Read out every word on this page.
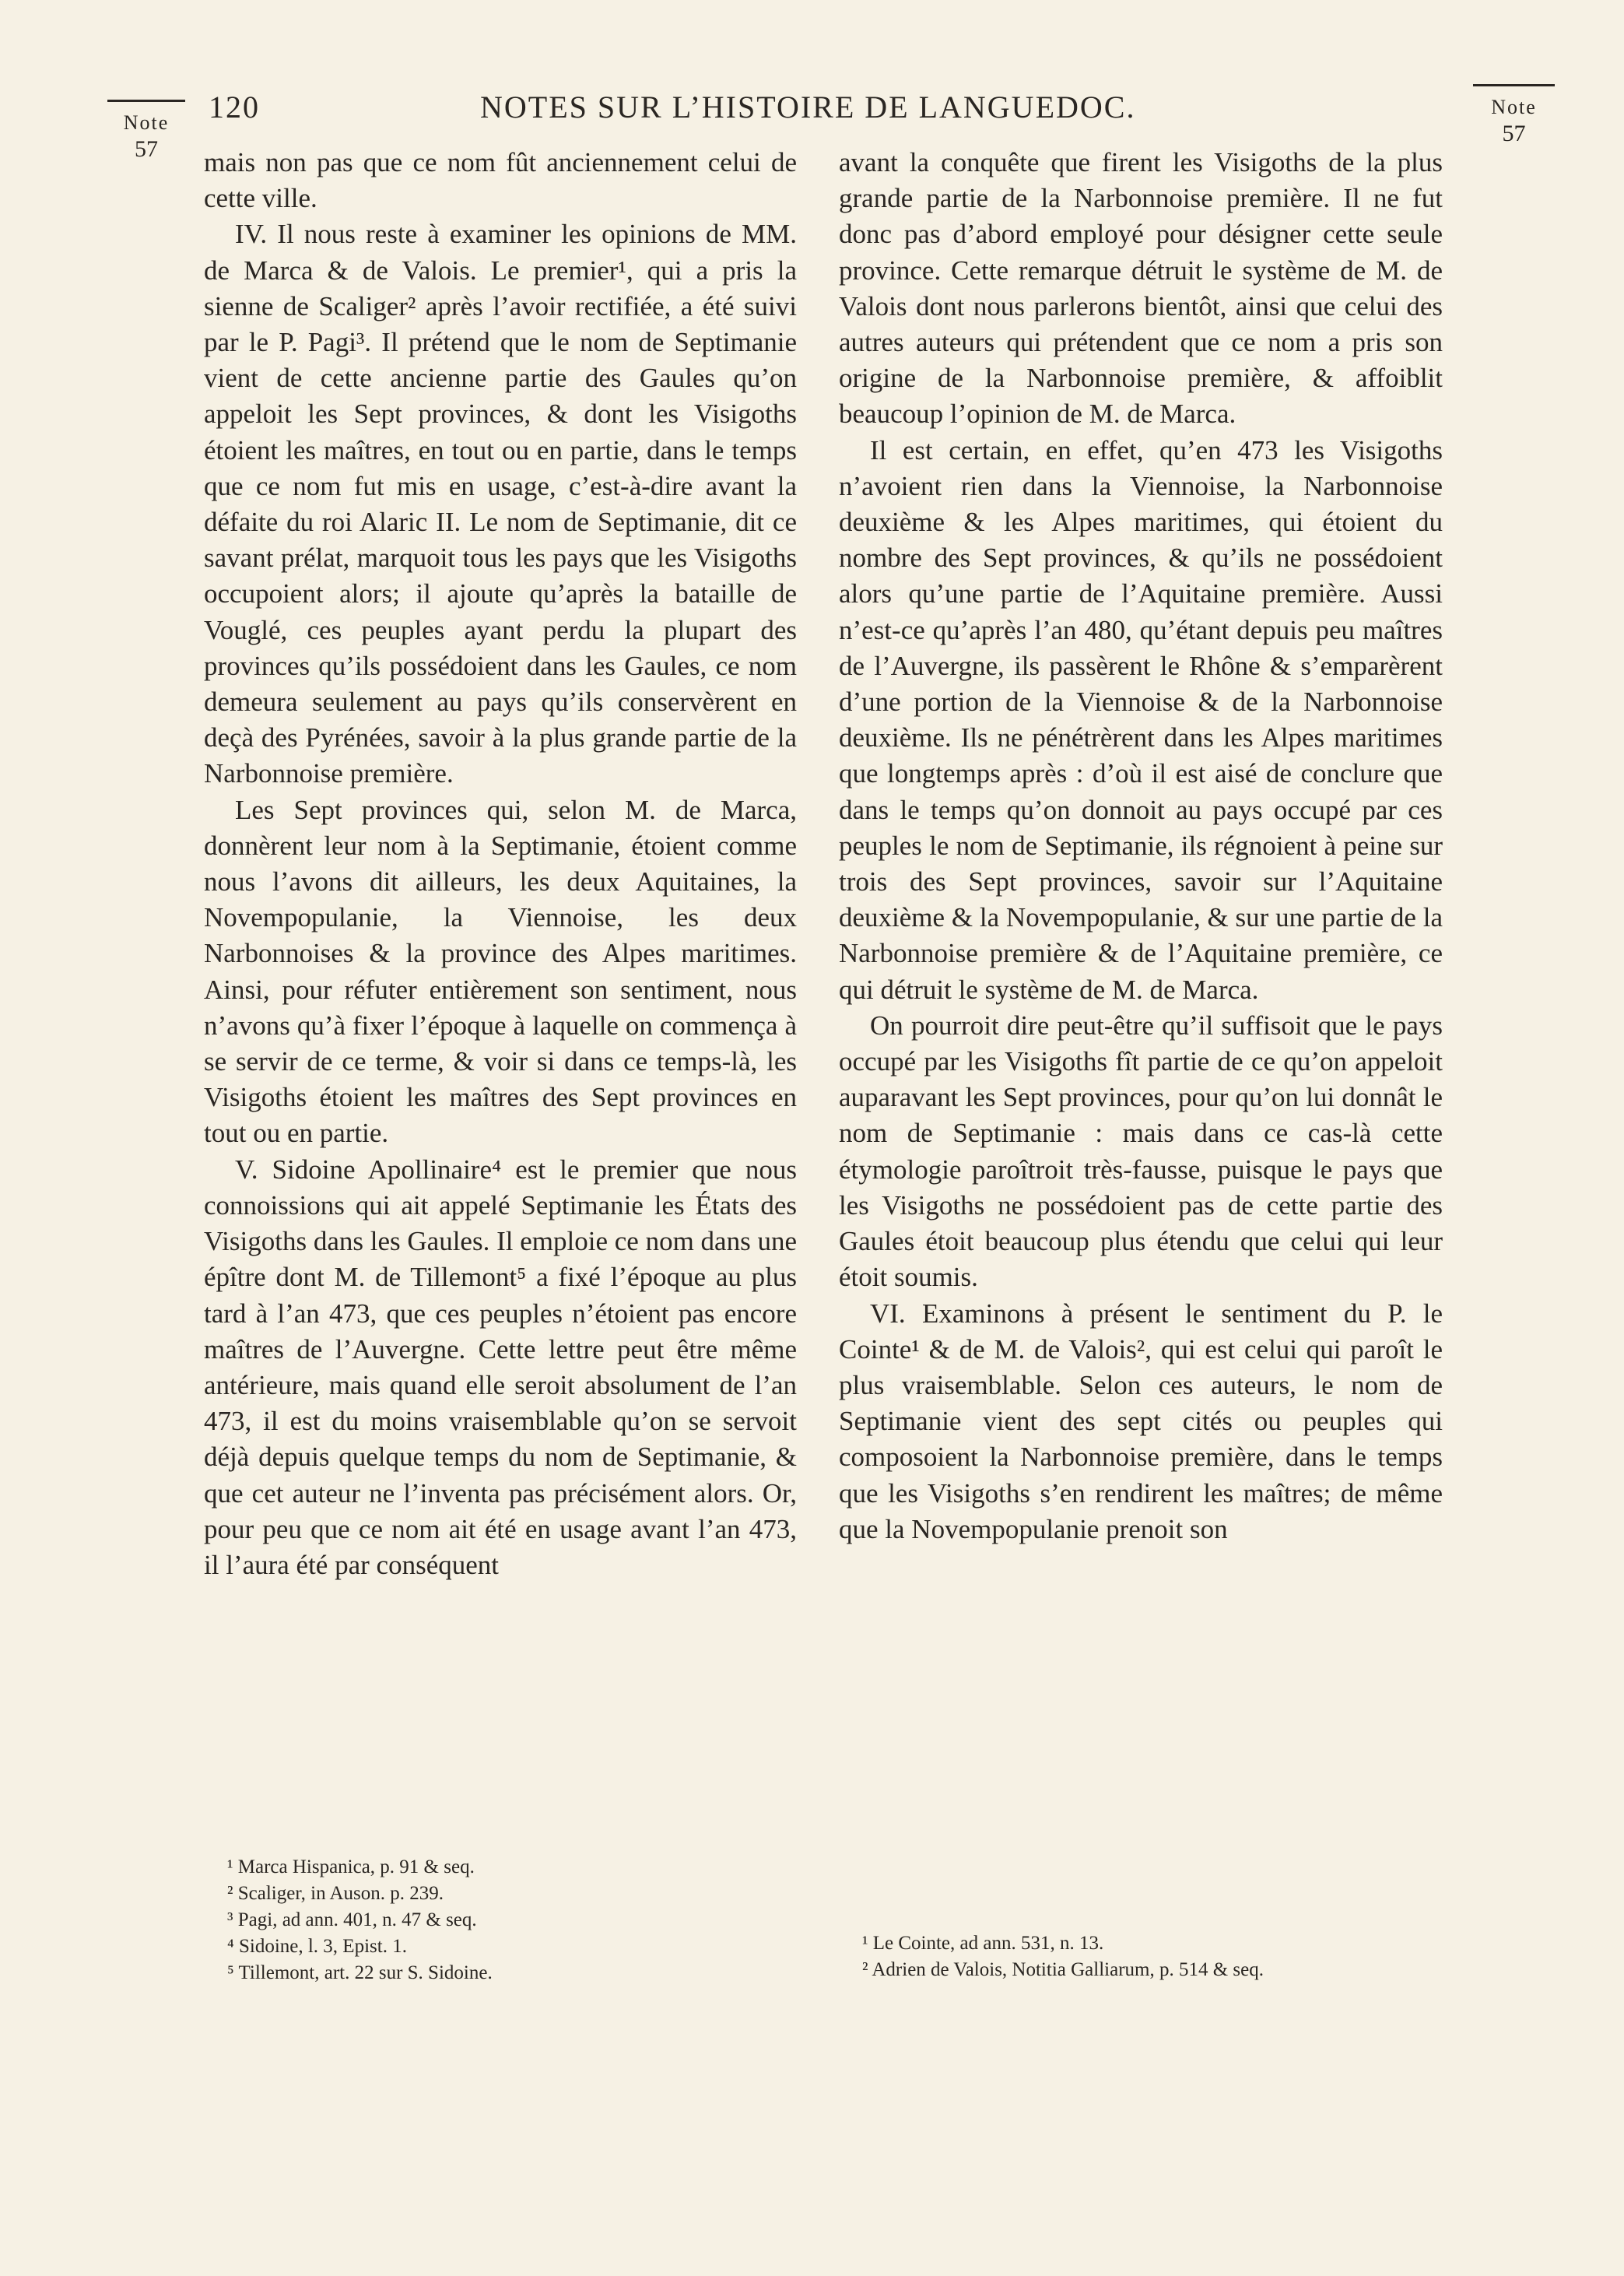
Note
57
Note
57
120	NOTES SUR L’HISTOIRE DE LANGUEDOC.

mais non pas que ce nom fût anciennement celui de cette ville.

IV. Il nous reste à examiner les opinions de MM. de Marca & de Valois. Le premier¹, qui a pris la sienne de Scaliger² après l’avoir rectifiée, a été suivi par le P. Pagi³. Il prétend que le nom de Septimanie vient de cette ancienne partie des Gaules qu’on appeloit les Sept provinces, & dont les Visigoths étoient les maîtres, en tout ou en partie, dans le temps que ce nom fut mis en usage, c’est-à-dire avant la défaite du roi Alaric II. Le nom de Septimanie, dit ce savant prélat, marquoit tous les pays que les Visigoths occupoient alors; il ajoute qu’après la bataille de Vouglé, ces peuples ayant perdu la plupart des provinces qu’ils possédoient dans les Gaules, ce nom demeura seulement au pays qu’ils conservèrent en deçà des Pyrénées, savoir à la plus grande partie de la Narbonnoise première.

Les Sept provinces qui, selon M. de Marca, donnèrent leur nom à la Septimanie, étoient comme nous l’avons dit ailleurs, les deux Aquitaines, la Novempopulanie, la Viennoise, les deux Narbonnoises & la province des Alpes maritimes. Ainsi, pour réfuter entièrement son sentiment, nous n’avons qu’à fixer l’époque à laquelle on commença à se servir de ce terme, & voir si dans ce temps-là, les Visigoths étoient les maîtres des Sept provinces en tout ou en partie.

V. Sidoine Apollinaire⁴ est le premier que nous connoissions qui ait appelé Septimanie les États des Visigoths dans les Gaules. Il emploie ce nom dans une épître dont M. de Tillemont⁵ a fixé l’époque au plus tard à l’an 473, que ces peuples n’étoient pas encore maîtres de l’Auvergne. Cette lettre peut être même antérieure, mais quand elle seroit absolument de l’an 473, il est du moins vraisemblable qu’on se servoit déjà depuis quelque temps du nom de Septimanie, & que cet auteur ne l’inventa pas précisément alors. Or, pour peu que ce nom ait été en usage avant l’an 473, il l’aura été par conséquent

avant la conquête que firent les Visigoths de la plus grande partie de la Narbonnoise première. Il ne fut donc pas d’abord employé pour désigner cette seule province. Cette remarque détruit le système de M. de Valois dont nous parlerons bientôt, ainsi que celui des autres auteurs qui prétendent que ce nom a pris son origine de la Narbonnoise première, & affoiblit beaucoup l’opinion de M. de Marca.

Il est certain, en effet, qu’en 473 les Visigoths n’avoient rien dans la Viennoise, la Narbonnoise deuxième & les Alpes maritimes, qui étoient du nombre des Sept provinces, & qu’ils ne possédoient alors qu’une partie de l’Aquitaine première. Aussi n’est-ce qu’après l’an 480, qu’étant depuis peu maîtres de l’Auvergne, ils passèrent le Rhône & s’emparèrent d’une portion de la Viennoise & de la Narbonnoise deuxième. Ils ne pénétrèrent dans les Alpes maritimes que longtemps après : d’où il est aisé de conclure que dans le temps qu’on donnoit au pays occupé par ces peuples le nom de Septimanie, ils régnoient à peine sur trois des Sept provinces, savoir sur l’Aquitaine deuxième & la Novempopulanie, & sur une partie de la Narbonnoise première & de l’Aquitaine première, ce qui détruit le système de M. de Marca.

On pourroit dire peut-être qu’il suffisoit que le pays occupé par les Visigoths fît partie de ce qu’on appeloit auparavant les Sept provinces, pour qu’on lui donnât le nom de Septimanie : mais dans ce cas-là cette étymologie paroîtroit très-fausse, puisque le pays que les Visigoths ne possédoient pas de cette partie des Gaules étoit beaucoup plus étendu que celui qui leur étoit soumis.

VI. Examinons à présent le sentiment du P. le Cointe¹ & de M. de Valois², qui est celui qui paroît le plus vraisemblable. Selon ces auteurs, le nom de Septimanie vient des sept cités ou peuples qui composoient la Narbonnoise première, dans le temps que les Visigoths s’en rendirent les maîtres; de même que la Novempopulanie prenoit son

¹ Marca Hispanica, p. 91 & seq.
² Scaliger, in Auson. p. 239.
³ Pagi, ad ann. 401, n. 47 & seq.
⁴ Sidoine, l. 3, Epist. 1.
⁵ Tillemont, art. 22 sur S. Sidoine.
¹ Le Cointe, ad ann. 531, n. 13.
² Adrien de Valois, Notitia Galliarum, p. 514 & seq.
